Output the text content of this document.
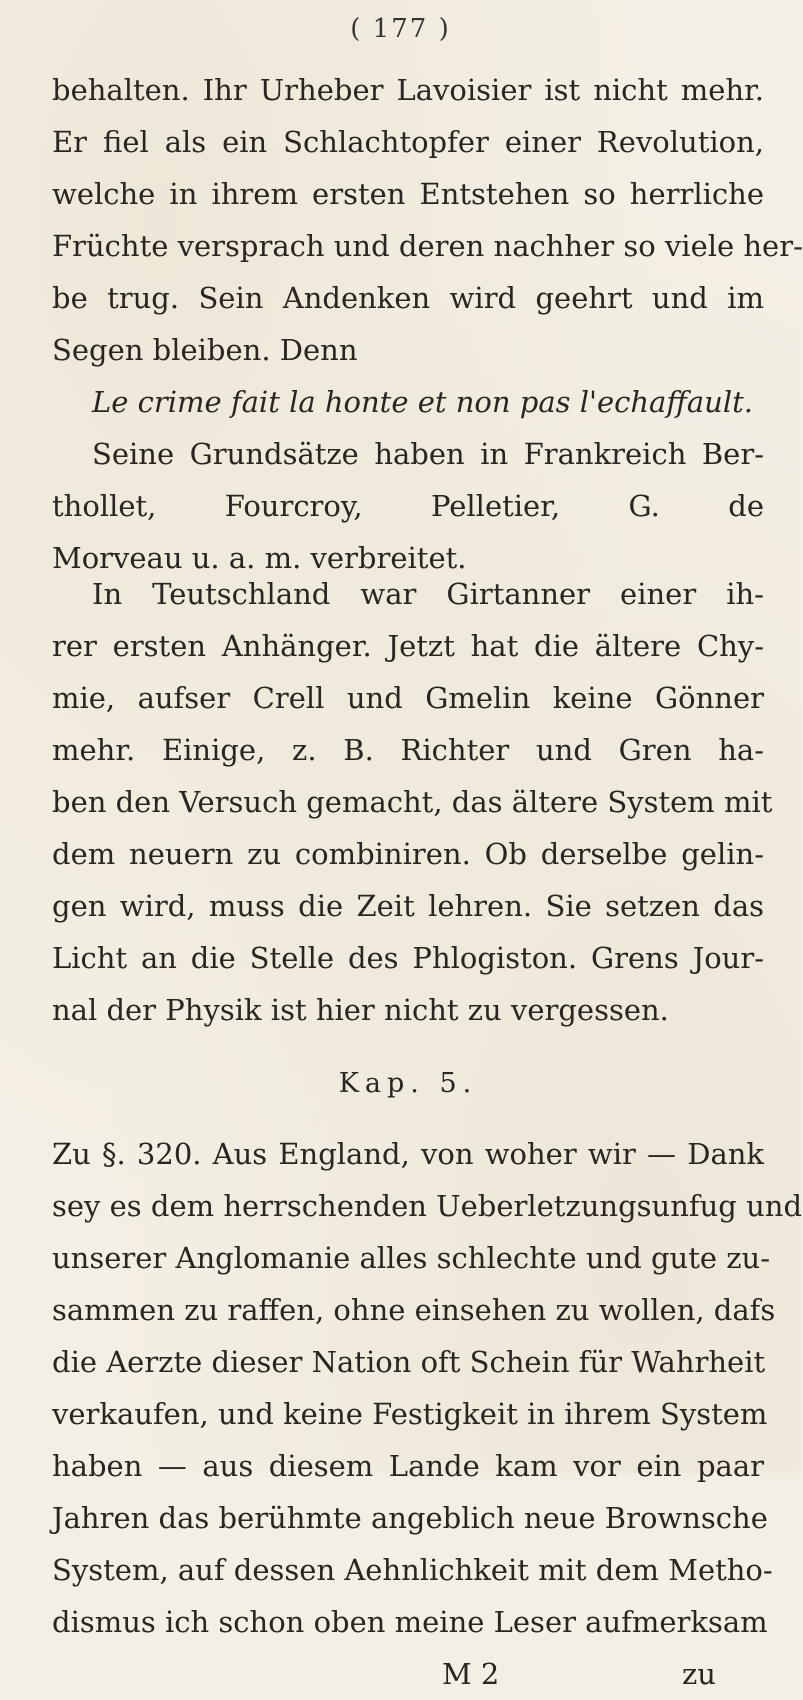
( 177 )
behalten. Ihr Urheber Lavoisier ist nicht mehr.
Er fiel als ein Schlachtopfer einer Revolution,
welche in ihrem ersten Entstehen so herrliche
Früchte versprach und deren nachher so viele her-
be trug. Sein Andenken wird geehrt und im
Segen bleiben. Denn
Le crime fait la honte et non pas l'echaffault.
Seine Grundsätze haben in Frankreich Ber-
thollet, Fourcroy, Pelletier, G. de
Morveau u. a. m. verbreitet.
In Teutschland war Girtanner einer ih-
rer ersten Anhänger. Jetzt hat die ältere Chy-
mie, aufser Crell und Gmelin keine Gönner
mehr. Einige, z. B. Richter und Gren ha-
ben den Versuch gemacht, das ältere System mit
dem neuern zu combiniren. Ob derselbe gelin-
gen wird, muss die Zeit lehren. Sie setzen das
Licht an die Stelle des Phlogiston. Grens Jour-
nal der Physik ist hier nicht zu vergessen.
Kap. 5.
Zu §. 320. Aus England, von woher wir — Dank
sey es dem herrschenden Ueberletzungsunfug und
unserer Anglomanie alles schlechte und gute zu-
sammen zu raffen, ohne einsehen zu wollen, dafs
die Aerzte dieser Nation oft Schein für Wahrheit
verkaufen, und keine Festigkeit in ihrem System
haben — aus diesem Lande kam vor ein paar
Jahren das berühmte angeblich neue Brownsche
System, auf dessen Aehnlichkeit mit dem Metho-
dismus ich schon oben meine Leser aufmerksam
M 2	zu
